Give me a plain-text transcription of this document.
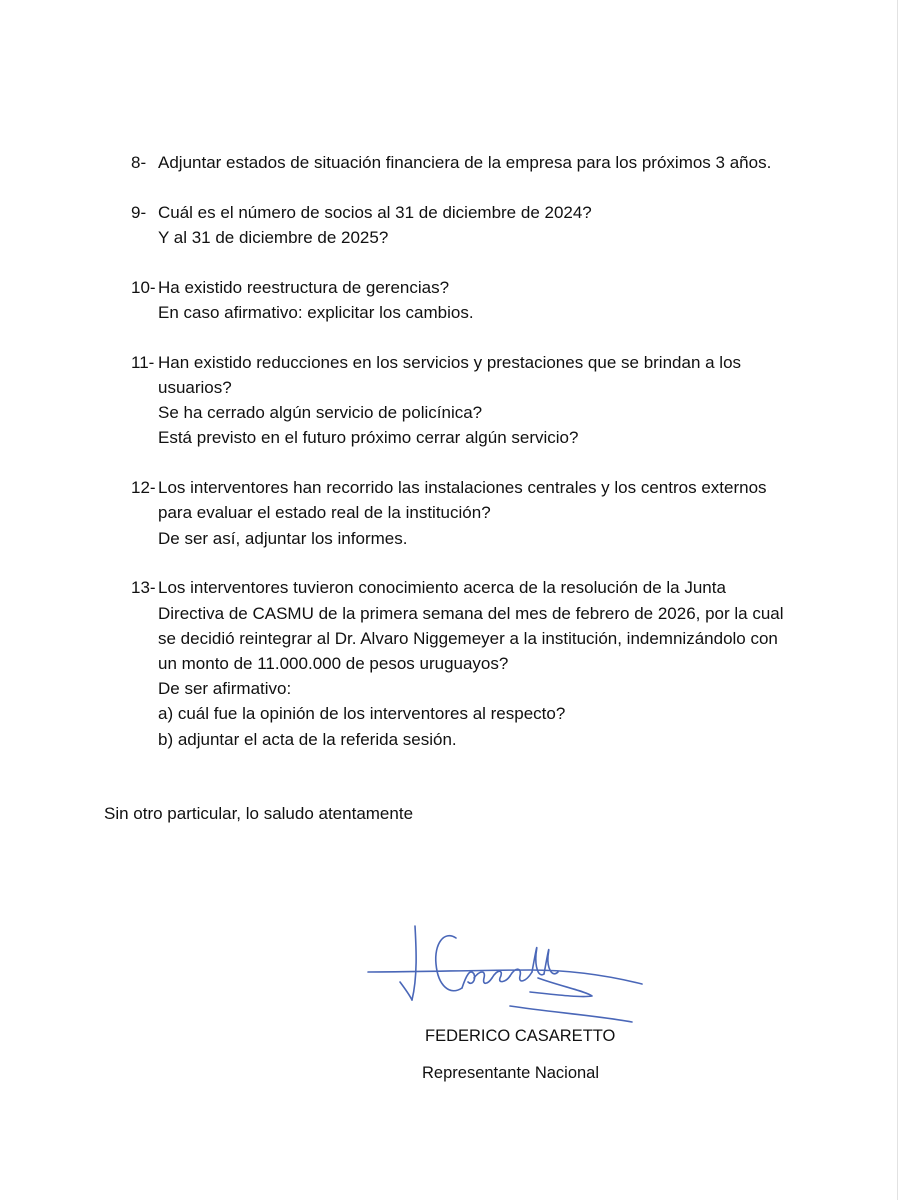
8- Adjuntar estados de situación financiera de la empresa para los próximos 3 años.
9- Cuál es el número de socios al 31 de diciembre de 2024?
Y al 31 de diciembre de 2025?
10- Ha existido reestructura de gerencias?
En caso afirmativo: explicitar los cambios.
11- Han existido reducciones en los servicios y prestaciones que se brindan a los
usuarios?
Se ha cerrado algún servicio de policínica?
Está previsto en el futuro próximo cerrar algún servicio?
12- Los interventores han recorrido las instalaciones centrales y los centros externos
para evaluar el estado real de la institución?
De ser así, adjuntar los informes.
13- Los interventores tuvieron conocimiento acerca de la resolución de la Junta
Directiva de CASMU de la primera semana del mes de febrero de 2026, por la cual
se decidió reintegrar al Dr. Alvaro Niggemeyer a la institución, indemnizándolo con
un monto de 11.000.000 de pesos uruguayos?
De ser afirmativo:
a) cuál fue la opinión de los interventores al respecto?
b) adjuntar el acta de la referida sesión.
Sin otro particular, lo saludo atentamente
FEDERICO CASARETTO
Representante Nacional
